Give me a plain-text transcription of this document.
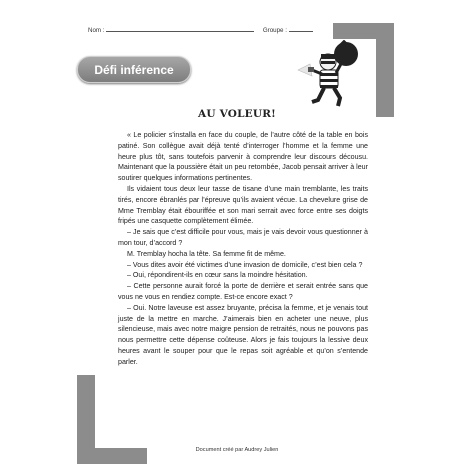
Nom :	Groupe :
Défi inférence
AU VOLEUR!

« Le policier s’installa en face du couple, de l’autre côté de la table en bois patiné. Son collègue avait déjà tenté d’interroger l’homme et la femme une heure plus tôt, sans toutefois parvenir à comprendre leur discours décousu. Maintenant que la poussière était un peu retombée, Jacob pensait arriver à leur soutirer quelques informations pertinentes.

Ils vidaient tous deux leur tasse de tisane d’une main tremblante, les traits tirés, encore ébranlés par l’épreuve qu’ils avaient vécue. La chevelure grise de Mme Tremblay était ébouriffée et son mari serrait avec force entre ses doigts fripés une casquette complètement élimée.

– Je sais que c’est difficile pour vous, mais je vais devoir vous questionner à mon tour, d’accord ?

M. Tremblay hocha la tête. Sa femme fit de même.

– Vous dites avoir été victimes d’une invasion de domicile, c’est bien cela ?

– Oui, répondirent-ils en cœur sans la moindre hésitation.

– Cette personne aurait forcé la porte de derrière et serait entrée sans que vous ne vous en rendiez compte. Est-ce encore exact ?

– Oui. Notre laveuse est assez bruyante, précisa la femme, et je venais tout juste de la mettre en marche. J’aimerais bien en acheter une neuve, plus silencieuse, mais avec notre maigre pension de retraités, nous ne pouvons pas nous permettre cette dépense coûteuse. Alors je fais toujours la lessive deux heures avant le souper pour que le repas soit agréable et qu’on s’entende parler.

Document créé par Audrey Julien
